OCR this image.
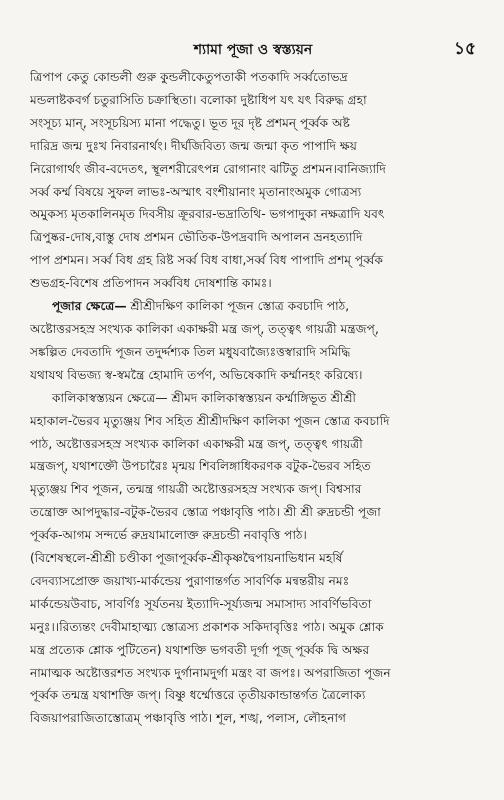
শ্যামা পূজা ও স্বস্ত্যয়ন	১৫
ত্রিপাপ কেতু কোন্ডলী গুরু কুন্ডলীকেতুপতাকী পতকাদি সর্ব্বতোভদ্র
মন্ডলাষ্টকবর্গ চতুরাসিতি চক্রাস্থিতা। বলোকা দুষ্টাধিপ যৎ যৎ বিরুদ্ধ গ্রহা
সংসূচ্য মান্, সংসূচয়িস্য মানা পদ্ধেতু। ভূত দূর দৃষ্ট প্রশমন্ পূর্ব্বক অষ্ট
দারিদ্র জন্ম দুঃখ নিবারনার্থং। দীর্ঘজিবিত্য জন্ম জন্মা কৃত পাপাদি ক্ষয়
নিরোগার্থং জীব-বদেতৎ, স্থূলশরীরেৎপন্ন রোগানাং ঝটিতু প্রশমন।বানিজ্যাদি
সর্ব্ব কর্ম্ম বিষয়ে সুফল লাভঃ-অস্মাৎ বংশীয়ানাং মৃতানাংঅমুক গোত্রস্য
অমুকস্য মৃতকালিনমৃত দিবসীয় ক্রূরবার-ভদ্রাতিথি- ভগপাদুকা নক্ষত্রাদি যবৎ
ত্রিপুষ্কর-দোষ,বাস্তু দোষ প্রশমন ভৌতিক-উপদ্রবাদি অপালন ভ্রনহত্যাদি
পাপ প্রশমন। সর্ব্ব বিধ গ্রহ রিষ্ট সর্ব্ব বিধ বাধা,সর্ব্ব বিধ পাপাদি প্রশম্ পূর্ব্বক
শুভগ্রহ-বিশেষ প্রতিপাদন সর্ব্ববিধ দোষশান্তি কামঃ।
পূজার ক্ষেত্রে— শ্রীশ্রীদক্ষিণ কালিকা পূজন স্তোত্র কবচাদি পাঠ,
অষ্টোত্তরসহস্র সংখ্যক কালিকা একাক্ষরী মন্ত্র জপ্, তত্ত্বৎ গায়ত্রী মন্ত্রজপ্,
সঙ্কল্পিত দেবতাদি পূজন তদুর্দ্দশ্যক তিল মধুযবাজ্যৈঃত্তস্বারাদি সমিদ্ধি
যথাযথ বিভজ্য স্ব-স্বমন্ত্রৈ হোমাদি তর্পণ, অভিষেকাদি কর্ম্মানহং করিষ্যে।
কালিকাস্বস্ত্যয়ন ক্ষেত্রে— শ্রীমদ কালিকাস্বস্ত্যয়ন কর্ম্মাঙ্গিভূত শ্রীশ্রী
মহাকাল-ভৈরব মৃত্যুঞ্জয় শিব সহিত শ্রীশ্রীদক্ষিণ কালিকা পূজন স্তোত্র কবচাদি
পাঠ, অষ্টোত্তরসহস্র সংখ্যক কালিকা একাক্ষরী মন্ত্র জপ্, তত্ত্বৎ গায়ত্রী
মন্ত্রজপ্, যথাশক্তৌ উপচারৈঃ মৃন্ময় শিবলিঙ্গাধিকরণক বটুক-ভৈরব সহিত
মৃত্যুঞ্জয় শিব পূজন, তন্মন্ত্র গায়ত্রী অষ্টোত্তরসহস্র সংখ্যক জপ্। বিশ্বসার
তন্ত্রোক্ত আপদুদ্ধার-বটুক-ভৈরব স্তোত্র পঞ্চাবৃত্তি পাঠ। শ্রী শ্রী রুদ্রচন্ডী পূজা
পূর্ব্বক-আগম সন্দর্ভে রুদ্রযামালোক্ত রুদ্রচন্ডী নবাবৃত্তি পাঠ।
(বিশেষস্থলে-শ্রীশ্রী চণ্ডীকা পূজাপূর্ব্বক-শ্রীকৃষ্ণদ্বৈপায়নাভিধান মহর্ষি
বেদব্যাসপ্রোক্ত জয়াখ্য-মার্কন্ডেয় পুরাণান্তর্গত সাবর্ণিক মন্বন্তরীয় নমঃ
মার্কন্ডেয়উবাচ, সাবর্ণিঃ সূর্যতনয় ইত্যাদি-সূর্য্যজন্ম সমাসাদ্য সাবর্ণিভবিতা
মনুঃ।।রিত্যন্তং দেবীমাহাত্ম্য স্তোত্রস্য প্রকাশক সকিদাবৃত্তিঃ পাঠ। অমুক শ্লোক
মন্ত্র প্রত্যেক শ্লোক পুটিতেন) যথাশক্তি ভগবতী দূর্গা পূজ্ পূর্ব্বক দ্বি অক্ষর
নামাত্মক অষ্টোত্তরশত সংখ্যক দুর্গানামদুর্গা মন্ত্রং বা জপঃ। অপরাজিতা পূজন
পূর্ব্বক তন্মন্ত্র যথাশক্তি জপ্। বিষ্ণু ধর্ম্মোত্তরে তৃতীয়কান্ডান্তর্গত ত্রৈলোক্য
বিজয়াপরাজিতাস্তোত্রম্ পঞ্চাবৃত্তি পাঠ। শূল, শঙ্খ, পলাস, লৌহনাগ
